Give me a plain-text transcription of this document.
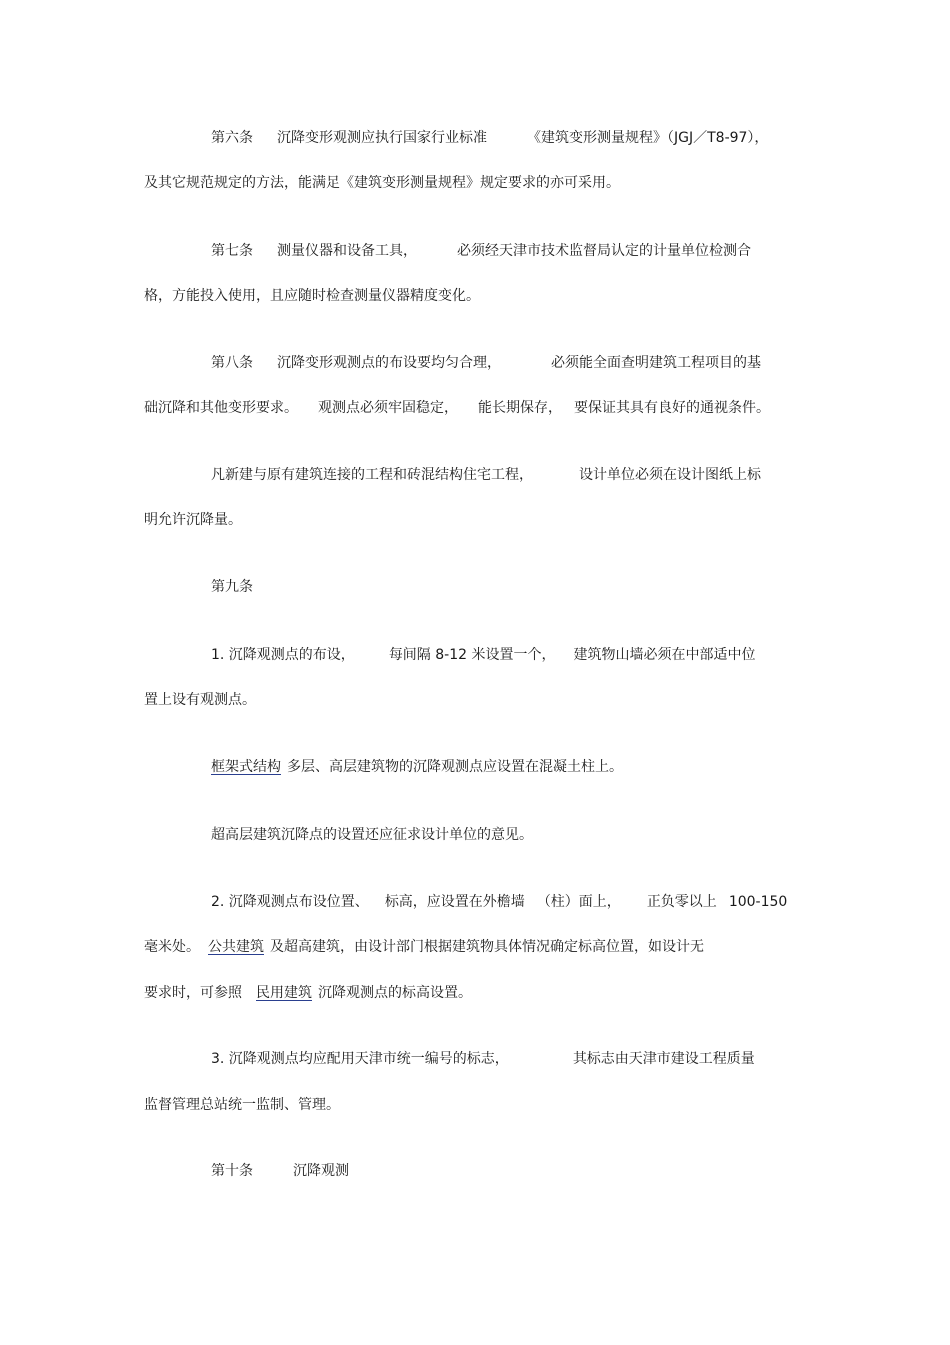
第六条 沉降变形观测应执行国家行业标准	《建筑变形测量规程》（JGJ／T8-97），
及其它规范规定的方法，能满足《建筑变形测量规程》规定要求的亦可采用。
第七条 测量仪器和设备工具，	必须经天津市技术监督局认定的计量单位检测合
格，方能投入使用，且应随时检查测量仪器精度变化。
第八条 沉降变形观测点的布设要均匀合理，	必须能全面查明建筑工程项目的基
础沉降和其他变形要求。 观测点必须牢固稳定， 能长期保存， 要保证其具有良好的通视条件。
凡新建与原有建筑连接的工程和砖混结构住宅工程，	设计单位必须在设计图纸上标
明允许沉降量。
第九条
1. 沉降观测点的布设， 每间隔 8-12 米设置一个， 建筑物山墙必须在中部适中位
置上设有观测点。
框架式结构 多层、高层建筑物的沉降观测点应设置在混凝土柱上。
超高层建筑沉降点的设置还应征求设计单位的意见。
2. 沉降观测点布设位置、 标高，应设置在外檐墙 （柱）面上， 正负零以上 100-150
毫米处。 公共建筑 及超高建筑，由设计部门根据建筑物具体情况确定标高位置，如设计无
要求时，可参照 民用建筑 沉降观测点的标高设置。
3. 沉降观测点均应配用天津市统一编号的标志，	其标志由天津市建设工程质量
监督管理总站统一监制、管理。
第十条	沉降观测
